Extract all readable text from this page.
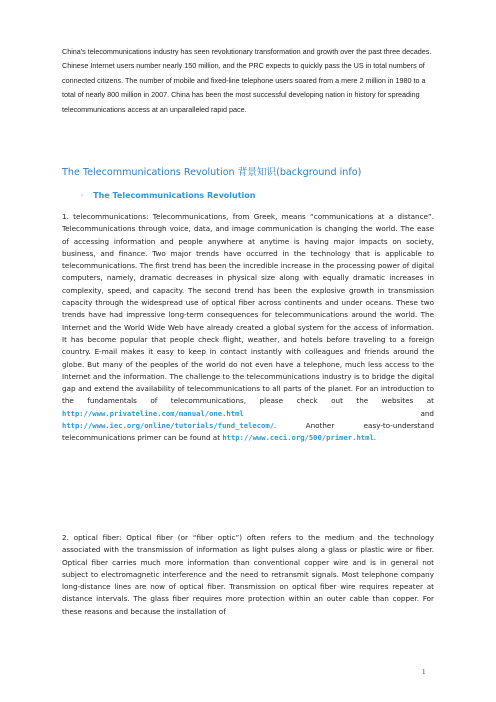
China's telecommunications industry has seen revolutionary transformation and growth over the past three decades. Chinese Internet users number nearly 150 million, and the PRC expects to quickly pass the US in total numbers of connected citizens. The number of mobile and fixed-line telephone users soared from a mere 2 million in 1980 to a total of nearly 800 million in 2007. China has been the most successful developing nation in history for spreading telecommunications access at an unparalleled rapid pace.
The Telecommunications Revolution 背景知识(background info)
◦ The Telecommunications Revolution
1. telecommunications: Telecommunications, from Greek, means “communications at a distance”. Telecommunications through voice, data, and image communication is changing the world. The ease of accessing information and people anywhere at anytime is having major impacts on society, business, and finance. Two major trends have occurred in the technology that is applicable to telecommunications. The first trend has been the incredible increase in the processing power of digital computers, namely, dramatic decreases in physical size along with equally dramatic increases in complexity, speed, and capacity. The second trend has been the explosive growth in transmission capacity through the widespread use of optical fiber across continents and under oceans. These two trends have had impressive long-term consequences for telecommunications around the world. The Internet and the World Wide Web have already created a global system for the access of information. It has become popular that people check flight, weather, and hotels before traveling to a foreign country. E-mail makes it easy to keep in contact instantly with colleagues and friends around the globe. But many of the peoples of the world do not even have a telephone, much less access to the Internet and the information. The challenge to the telecommunications industry is to bridge the digital gap and extend the availability of telecommunications to all parts of the planet. For an introduction to the fundamentals of telecommunications, please check out the websites at http://www.privateline.com/manual/one.html and http://www.iec.org/online/tutorials/fund_telecom/. Another easy-to-understand telecommunications primer can be found at http://www.ceci.org/500/primer.html.
2. optical fiber: Optical fiber (or “fiber optic”) often refers to the medium and the technology associated with the transmission of information as light pulses along a glass or plastic wire or fiber. Optical fiber carries much more information than conventional copper wire and is in general not subject to electromagnetic interference and the need to retransmit signals. Most telephone company long-distance lines are now of optical fiber. Transmission on optical fiber wire requires repeater at distance intervals. The glass fiber requires more protection within an outer cable than copper. For these reasons and because the installation of
1
